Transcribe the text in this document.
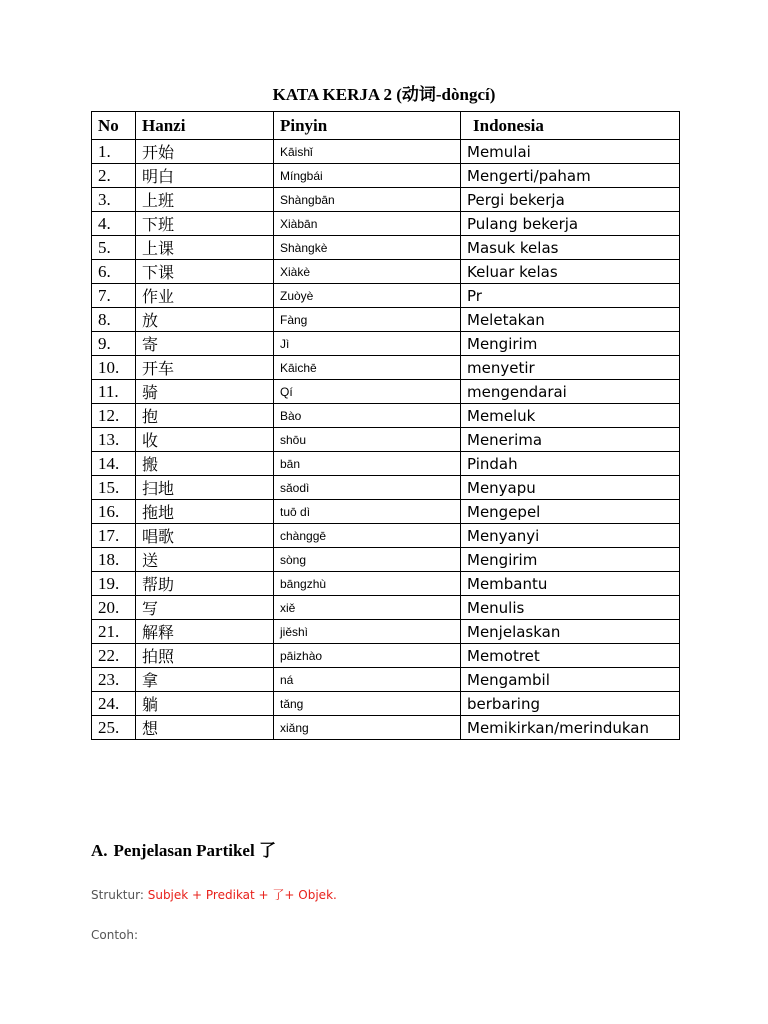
KATA KERJA 2 (动词-dòngcí)
No	Hanzi	Pinyin	Indonesia
1.	开始	Kāishǐ	Memulai
2.	明白	Míngbái	Mengerti/paham
3.	上班	Shàngbān	Pergi bekerja
4.	下班	Xiàbān	Pulang bekerja
5.	上课	Shàngkè	Masuk kelas
6.	下课	Xiàkè	Keluar kelas
7.	作业	Zuòyè	Pr
8.	放	Fàng	Meletakan
9.	寄	Jì	Mengirim
10.	开车	Kāichē	menyetir
11.	骑	Qí	mengendarai
12.	抱	Bào	Memeluk
13.	收	shōu	Menerima
14.	搬	bān	Pindah
15.	扫地	sǎodì	Menyapu
16.	拖地	tuō dì	Mengepel
17.	唱歌	chànggē	Menyanyi
18.	送	sòng	Mengirim
19.	帮助	bāngzhù	Membantu
20.	写	xiě	Menulis
21.	解释	jiěshì	Menjelaskan
22.	拍照	pāizhào	Memotret
23.	拿	ná	Mengambil
24.	躺	tǎng	berbaring
25.	想	xiǎng	Memikirkan/merindukan
A. Penjelasan Partikel 了
Struktur: Subjek + Predikat + 了+ Objek.
Contoh:
